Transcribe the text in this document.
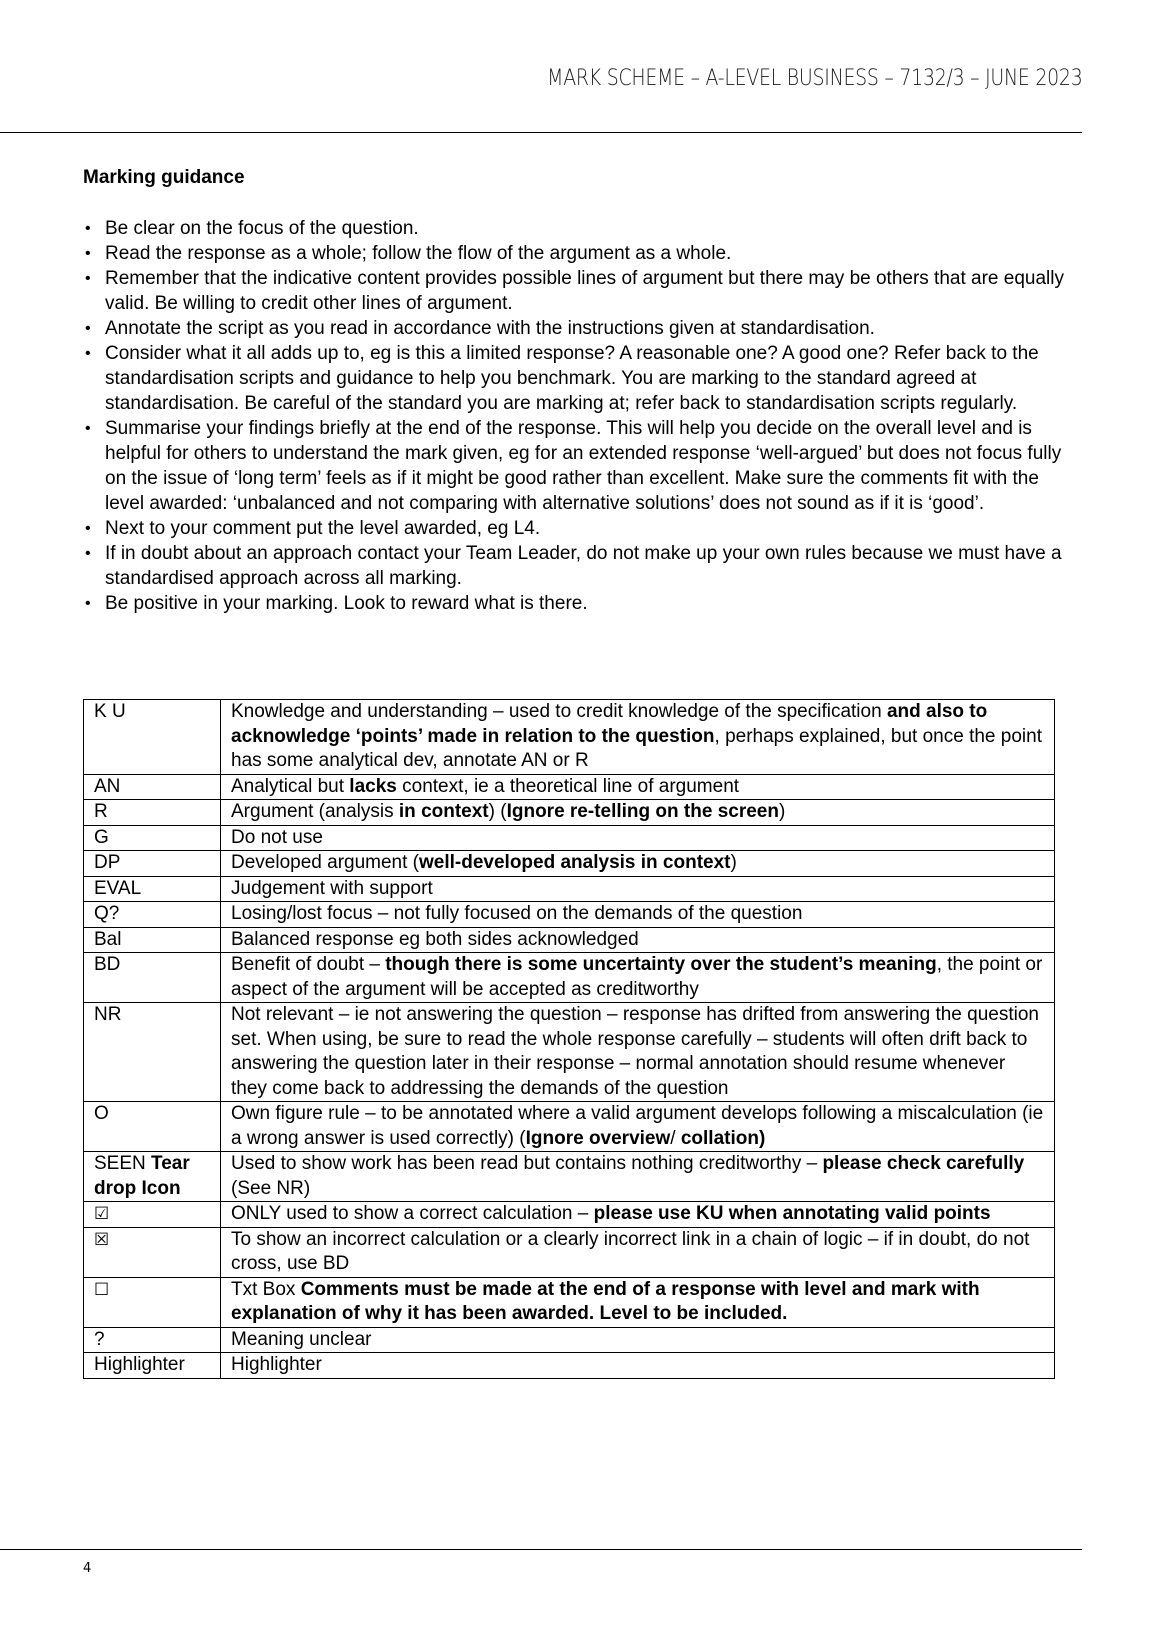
MARK SCHEME – A-LEVEL BUSINESS – 7132/3 – JUNE 2023
Marking guidance
• Be clear on the focus of the question.
• Read the response as a whole; follow the flow of the argument as a whole.
• Remember that the indicative content provides possible lines of argument but there may be others that are equally valid. Be willing to credit other lines of argument.
• Annotate the script as you read in accordance with the instructions given at standardisation.
• Consider what it all adds up to, eg is this a limited response? A reasonable one? A good one? Refer back to the standardisation scripts and guidance to help you benchmark. You are marking to the standard agreed at standardisation. Be careful of the standard you are marking at; refer back to standardisation scripts regularly.
• Summarise your findings briefly at the end of the response. This will help you decide on the overall level and is helpful for others to understand the mark given, eg for an extended response ‘well-argued’ but does not focus fully on the issue of ‘long term’ feels as if it might be good rather than excellent. Make sure the comments fit with the level awarded: ‘unbalanced and not comparing with alternative solutions’ does not sound as if it is ‘good’.
• Next to your comment put the level awarded, eg L4.
• If in doubt about an approach contact your Team Leader, do not make up your own rules because we must have a standardised approach across all marking.
• Be positive in your marking. Look to reward what is there.
K U	Knowledge and understanding – used to credit knowledge of the specification and also to acknowledge ‘points’ made in relation to the question, perhaps explained, but once the point has some analytical dev, annotate AN or R
AN	Analytical but lacks context, ie a theoretical line of argument
R	Argument (analysis in context) (Ignore re-telling on the screen)
G	Do not use
DP	Developed argument (well-developed analysis in context)
EVAL	Judgement with support
Q?	Losing/lost focus – not fully focused on the demands of the question
Bal	Balanced response eg both sides acknowledged
BD	Benefit of doubt – though there is some uncertainty over the student’s meaning, the point or aspect of the argument will be accepted as creditworthy
NR	Not relevant – ie not answering the question – response has drifted from answering the question set. When using, be sure to read the whole response carefully – students will often drift back to answering the question later in their response – normal annotation should resume whenever they come back to addressing the demands of the question
O	Own figure rule – to be annotated where a valid argument develops following a miscalculation (ie a wrong answer is used correctly) (Ignore overview/ collation)
SEEN Tear drop Icon	Used to show work has been read but contains nothing creditworthy – please check carefully (See NR)
☑	ONLY used to show a correct calculation – please use KU when annotating valid points
☒	To show an incorrect calculation or a clearly incorrect link in a chain of logic – if in doubt, do not cross, use BD
☐	Txt Box Comments must be made at the end of a response with level and mark with explanation of why it has been awarded. Level to be included.
?	Meaning unclear
Highlighter	Highlighter
4
